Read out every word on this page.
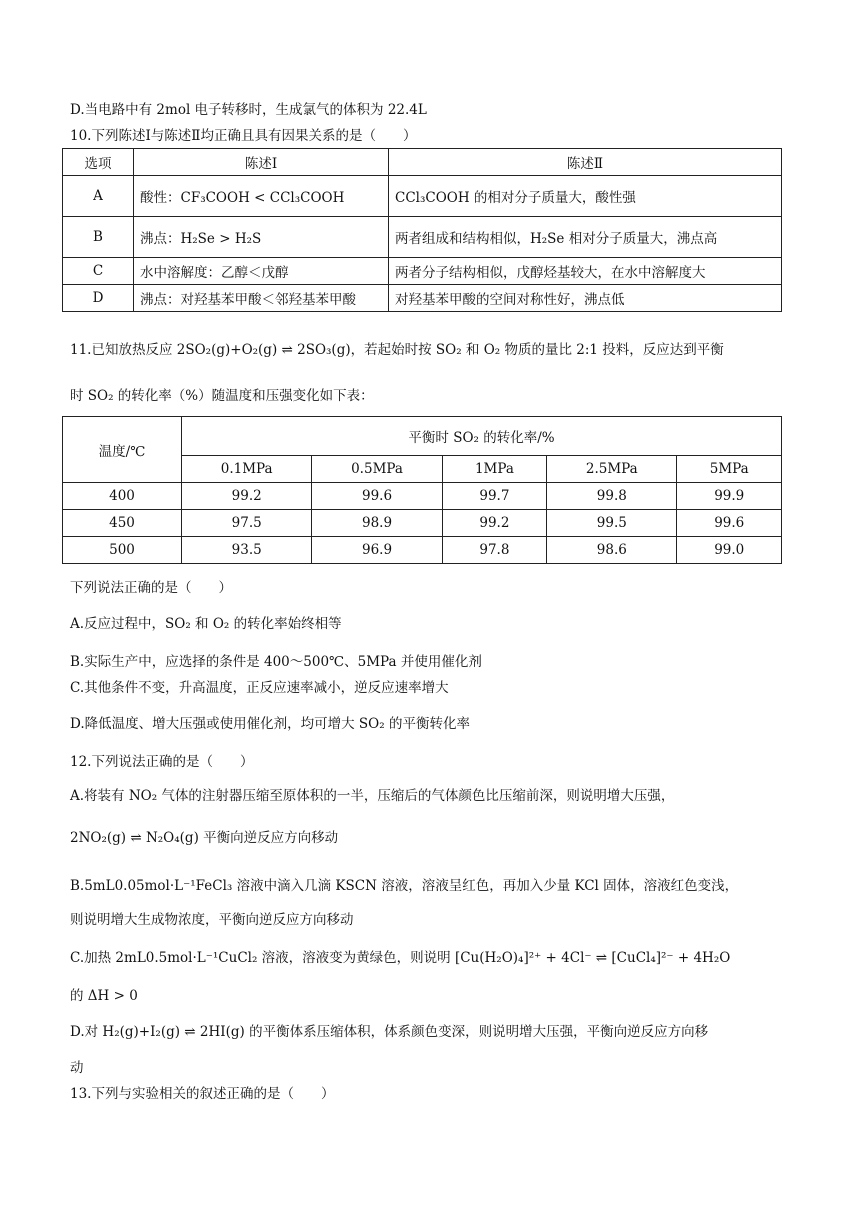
D.当电路中有 2mol 电子转移时，生成氯气的体积为 22.4L
10.下列陈述Ⅰ与陈述Ⅱ均正确且具有因果关系的是（　　）
选项	陈述Ⅰ	陈述Ⅱ
A	酸性：CF₃COOH < CCl₃COOH	CCl₃COOH 的相对分子质量大，酸性强
B	沸点：H₂Se > H₂S	两者组成和结构相似，H₂Se 相对分子质量大，沸点高
C	水中溶解度：乙醇＜戊醇	两者分子结构相似，戊醇烃基较大，在水中溶解度大
D	沸点：对羟基苯甲酸＜邻羟基苯甲酸	对羟基苯甲酸的空间对称性好，沸点低
11.已知放热反应 2SO₂(g)+O₂(g) ⇌ 2SO₃(g)，若起始时按 SO₂ 和 O₂ 物质的量比 2:1 投料，反应达到平衡
时 SO₂ 的转化率（%）随温度和压强变化如下表：
温度/℃	平衡时 SO₂ 的转化率/%				
	0.1MPa	0.5MPa	1MPa	2.5MPa	5MPa
400	99.2	99.6	99.7	99.8	99.9
450	97.5	98.9	99.2	99.5	99.6
500	93.5	96.9	97.8	98.6	99.0
下列说法正确的是（　　）
A.反应过程中，SO₂ 和 O₂ 的转化率始终相等
B.实际生产中，应选择的条件是 400～500℃、5MPa 并使用催化剂
C.其他条件不变，升高温度，正反应速率减小，逆反应速率增大
D.降低温度、增大压强或使用催化剂，均可增大 SO₂ 的平衡转化率
12.下列说法正确的是（　　）
A.将装有 NO₂ 气体的注射器压缩至原体积的一半，压缩后的气体颜色比压缩前深，则说明增大压强，
2NO₂(g) ⇌ N₂O₄(g) 平衡向逆反应方向移动
B.5mL0.05mol·L⁻¹FeCl₃ 溶液中滴入几滴 KSCN 溶液，溶液呈红色，再加入少量 KCl 固体，溶液红色变浅，
则说明增大生成物浓度，平衡向逆反应方向移动
C.加热 2mL0.5mol·L⁻¹CuCl₂ 溶液，溶液变为黄绿色，则说明 [Cu(H₂O)₄]²⁺ + 4Cl⁻ ⇌ [CuCl₄]²⁻ + 4H₂O
的 ΔH > 0
D.对 H₂(g)+I₂(g) ⇌ 2HI(g) 的平衡体系压缩体积，体系颜色变深，则说明增大压强，平衡向逆反应方向移
动
13.下列与实验相关的叙述正确的是（　　）
